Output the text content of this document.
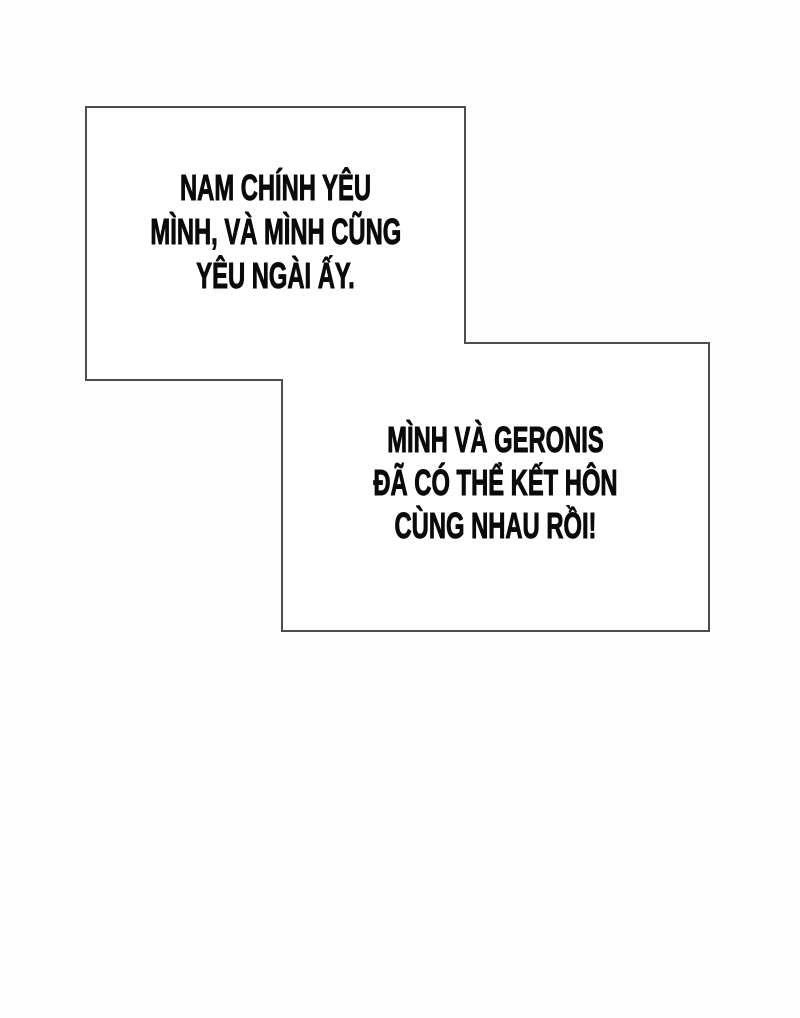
NAM CHÍNH YÊU
MÌNH, VÀ MÌNH CŨNG
YÊU NGÀI ẤY.
MÌNH VÀ GERONIS
ĐÃ CÓ THỂ KẾT HÔN
CÙNG NHAU RỒI!
